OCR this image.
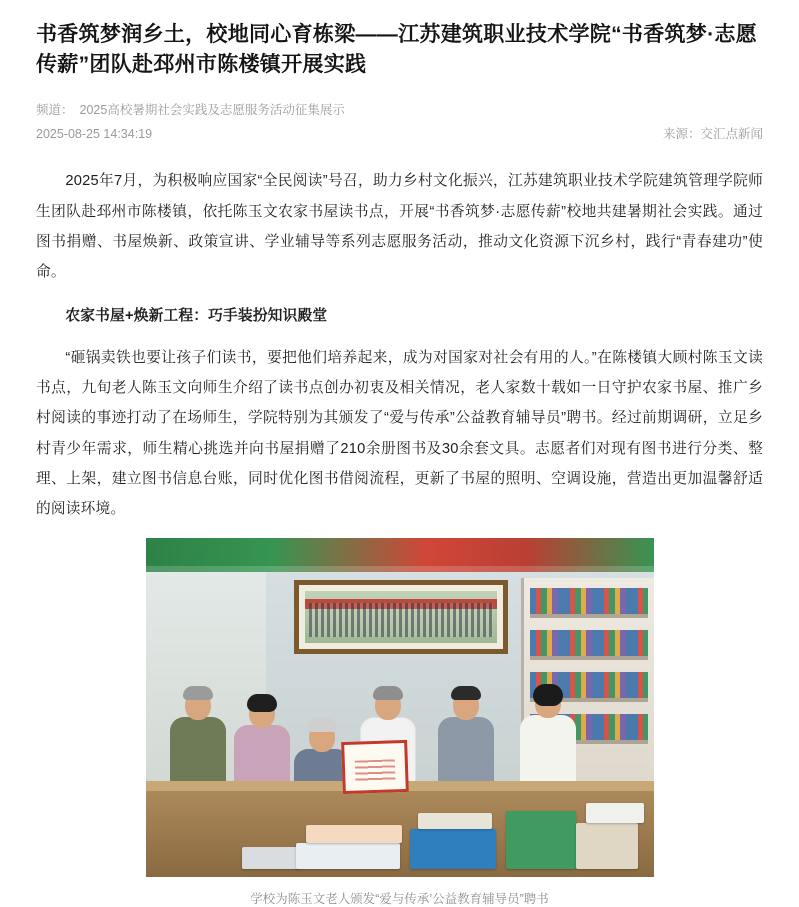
书香筑梦润乡土，校地同心育栋梁——江苏建筑职业技术学院“书香筑梦·志愿传薪”团队赴邳州市陈楼镇开展实践
频道： 2025高校暑期社会实践及志愿服务活动征集展示
2025-08-25 14:34:19	来源：交汇点新闻

2025年7月，为积极响应国家“全民阅读”号召，助力乡村文化振兴，江苏建筑职业技术学院建筑管理学院师生团队赴邳州市陈楼镇，依托陈玉文农家书屋读书点，开展“书香筑梦·志愿传薪”校地共建暑期社会实践。通过图书捐赠、书屋焕新、政策宣讲、学业辅导等系列志愿服务活动，推动文化资源下沉乡村，践行“青春建功”使命。

农家书屋+焕新工程：巧手装扮知识殿堂

“砸锅卖铁也要让孩子们读书，要把他们培养起来，成为对国家对社会有用的人。”在陈楼镇大顾村陈玉文读书点，九旬老人陈玉文向师生介绍了读书点创办初衷及相关情况，老人家数十载如一日守护农家书屋、推广乡村阅读的事迹打动了在场师生，学院特别为其颁发了“爱与传承”公益教育辅导员”聘书。经过前期调研，立足乡村青少年需求，师生精心挑选并向书屋捐赠了210余册图书及30余套文具。志愿者们对现有图书进行分类、整理、上架，建立图书信息台账，同时优化图书借阅流程，更新了书屋的照明、空调设施，营造出更加温馨舒适的阅读环境。

学校为陈玉文老人颁发“爱与传承’公益教育辅导员”聘书
